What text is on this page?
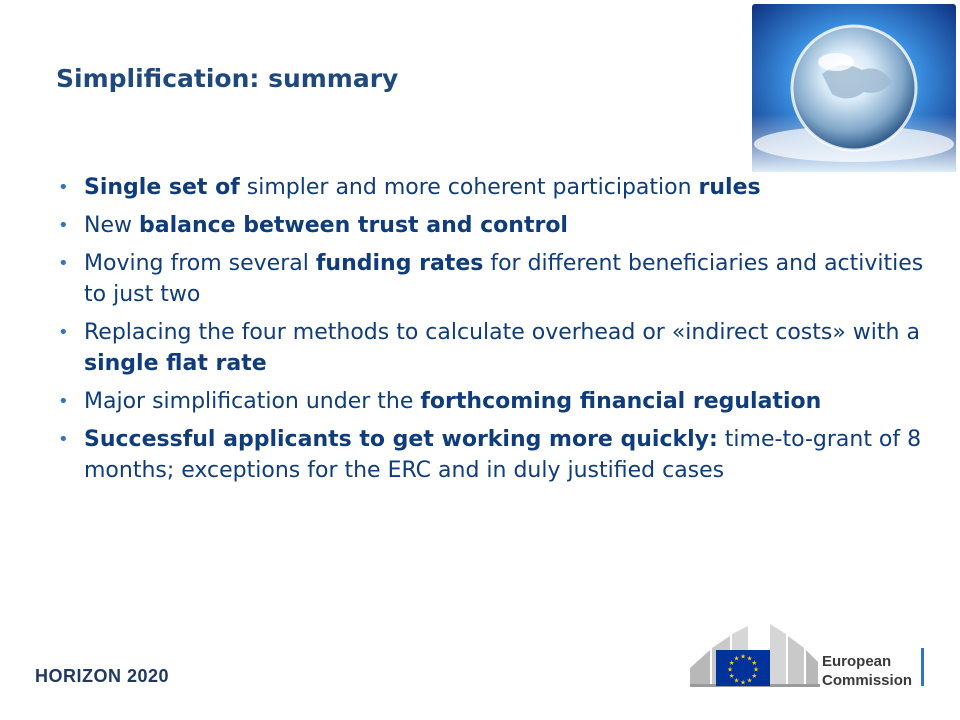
Simplification: summary
• Single set of simpler and more coherent participation rules
• New balance between trust and control
• Moving from several funding rates for different beneficiaries and activities to just two
• Replacing the four methods to calculate overhead or «indirect costs» with a single flat rate
• Major simplification under the forthcoming financial regulation
• Successful applicants to get working more quickly: time-to-grant of 8 months; exceptions for the ERC and in duly justified cases
HORIZON 2020
★ ★
★
★
★
★
★
★
★
★
★
★	European
Commission
